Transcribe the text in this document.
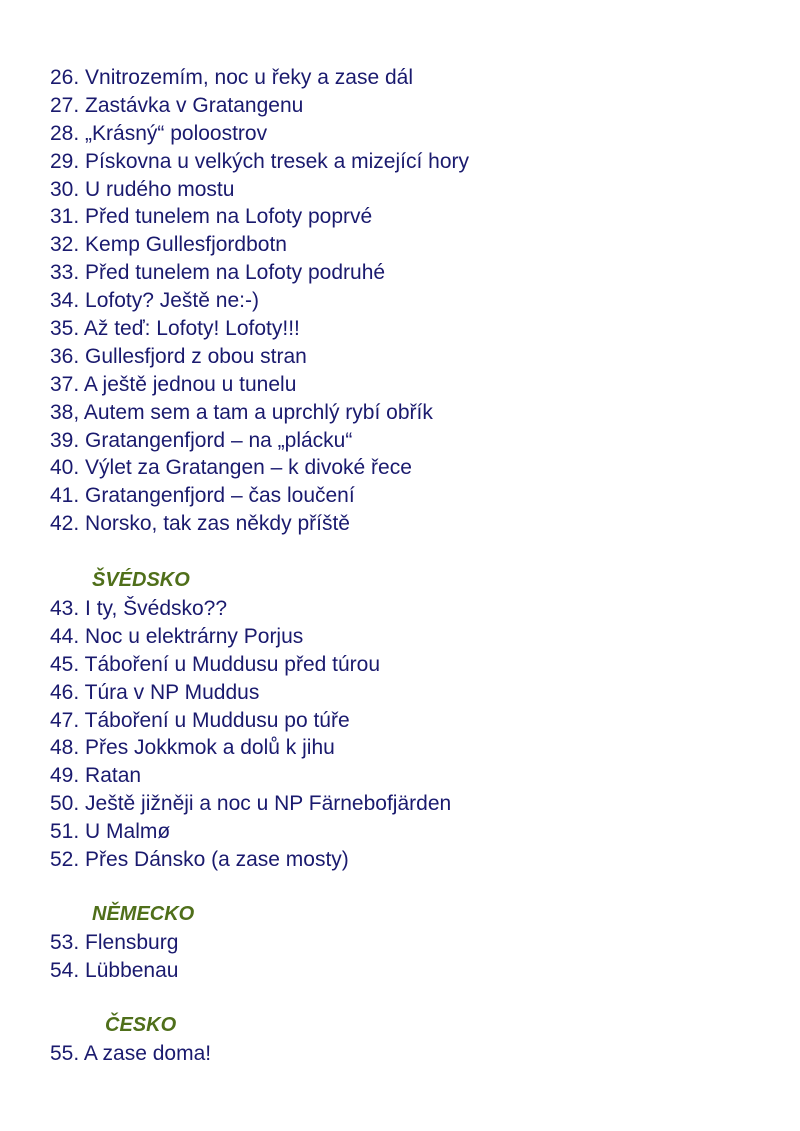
26. Vnitrozemím, noc u řeky a zase dál
27. Zastávka v Gratangenu
28. „Krásný“ poloostrov
29. Pískovna u velkých tresek a mizející hory
30. U rudého mostu
31. Před tunelem na Lofoty poprvé
32. Kemp Gullesfjordbotn
33. Před tunelem na Lofoty podruhé
34. Lofoty? Ještě ne:-)
35. Až teď: Lofoty! Lofoty!!!
36. Gullesfjord z obou stran
37. A ještě jednou u tunelu
38, Autem sem a tam a uprchlý rybí obřík
39. Gratangenfjord – na „plácku“
40. Výlet za Gratangen – k divoké řece
41. Gratangenfjord – čas loučení
42. Norsko, tak zas někdy příště
ŠVÉDSKO
43. I ty, Švédsko??
44. Noc u elektrárny Porjus
45. Táboření u Muddusu před túrou
46. Túra v NP Muddus
47. Táboření u Muddusu po túře
48. Přes Jokkmok a dolů k jihu
49. Ratan
50. Ještě jižněji a noc u NP Färnebofjärden
51. U Malmø
52. Přes Dánsko (a zase mosty)
NĚMECKO
53. Flensburg
54. Lübbenau
ČESKO
55. A zase doma!
